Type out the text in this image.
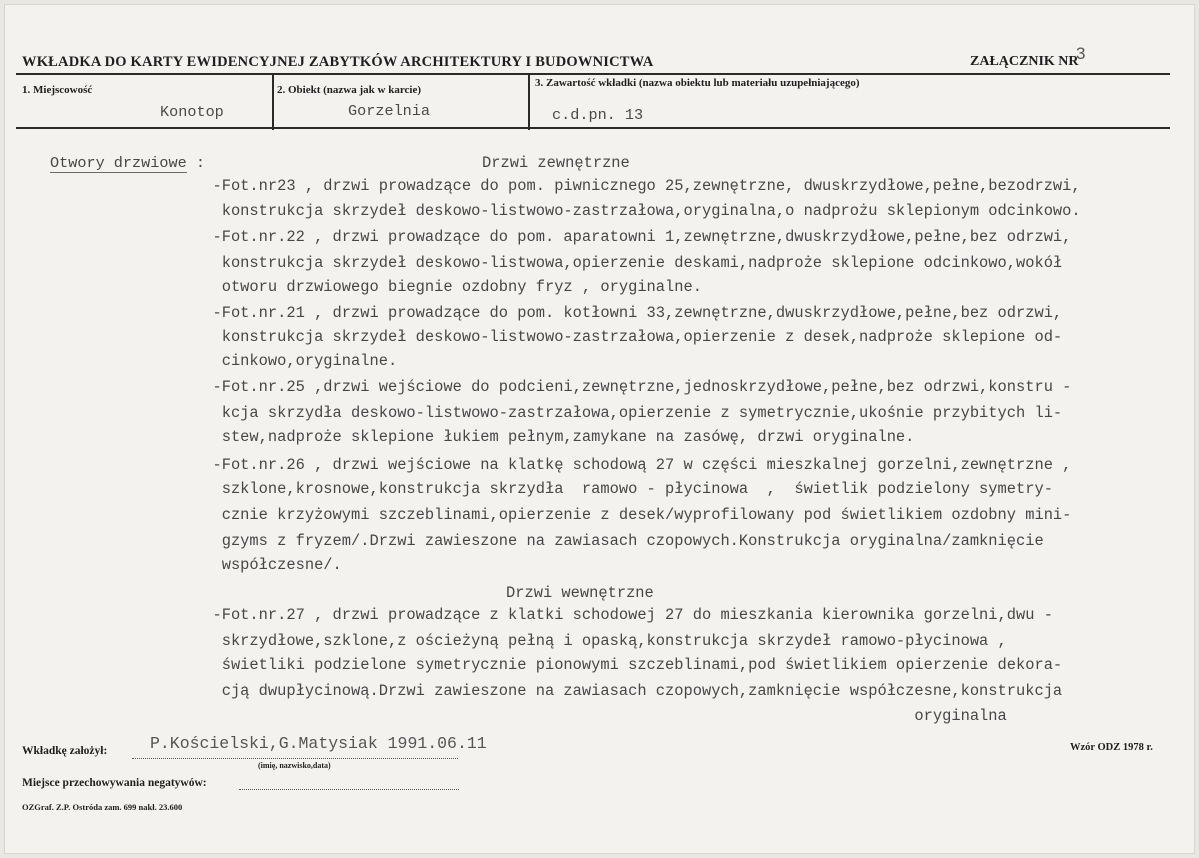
WKŁADKA DO KARTY EWIDENCYJNEJ ZABYTKÓW ARCHITEKTURY I BUDOWNICTWA	ZAŁĄCZNIK NR
3
1. Miejscowość
Konotop
2. Obiekt (nazwa jak w karcie)
Gorzelnia
3. Zawartość wkładki (nazwa obiektu lub materiału uzupełniającego)
c.d.pn. 13
Otwory drzwiowe :	Drzwi zewnętrzne
Drzwi wewnętrzne
-Fot.nr23 , drzwi prowadzące do pom. piwnicznego 25,zewnętrzne, dwuskrzydłowe,pełne,bezodrzwi,
konstrukcja skrzydeł deskowo-listwowo-zastrzałowa,oryginalna,o nadprożu sklepionym odcinkowo.
-Fot.nr.22 , drzwi prowadzące do pom. aparatowni 1,zewnętrzne,dwuskrzydłowe,pełne,bez odrzwi,
konstrukcja skrzydeł deskowo-listwowa,opierzenie deskami,nadproże sklepione odcinkowo,wokół
otworu drzwiowego biegnie ozdobny fryz , oryginalne.
-Fot.nr.21 , drzwi prowadzące do pom. kotłowni 33,zewnętrzne,dwuskrzydłowe,pełne,bez odrzwi,
konstrukcja skrzydeł deskowo-listwowo-zastrzałowa,opierzenie z desek,nadproże sklepione od-
cinkowo,oryginalne.
-Fot.nr.25 ,drzwi wejściowe do podcieni,zewnętrzne,jednoskrzydłowe,pełne,bez odrzwi,konstru -
kcja skrzydła deskowo-listwowo-zastrzałowa,opierzenie z symetrycznie,ukośnie przybitych li-
stew,nadproże sklepione łukiem pełnym,zamykane na zasówę, drzwi oryginalne.
-Fot.nr.26 , drzwi wejściowe na klatkę schodową 27 w części mieszkalnej gorzelni,zewnętrzne ,
szklone,krosnowe,konstrukcja skrzydła  ramowo - płycinowa  ,  świetlik podzielony symetry-
cznie krzyżowymi szczeblinami,opierzenie z desek/wyprofilowany pod świetlikiem ozdobny mini-
gzyms z fryzem/.Drzwi zawieszone na zawiasach czopowych.Konstrukcja oryginalna/zamknięcie
współczesne/.
-Fot.nr.27 , drzwi prowadzące z klatki schodowej 27 do mieszkania kierownika gorzelni,dwu -
skrzydłowe,szklone,z ościeżyną pełną i opaską,konstrukcja skrzydeł ramowo-płycinowa ,
świetliki podzielone symetrycznie pionowymi szczeblinami,pod świetlikiem opierzenie dekora-
cją dwupłycinową.Drzwi zawieszone na zawiasach czopowych,zamknięcie współczesne,konstrukcja
oryginalna
Wkładkę założył:	P.Kościelski,G.Matysiak 1991.06.11
(imię, nazwisko,data)
Wzór ODZ 1978 r.
Miejsce przechowywania negatywów:
OZGraf. Z.P. Ostróda zam. 699 nakł. 23.600
